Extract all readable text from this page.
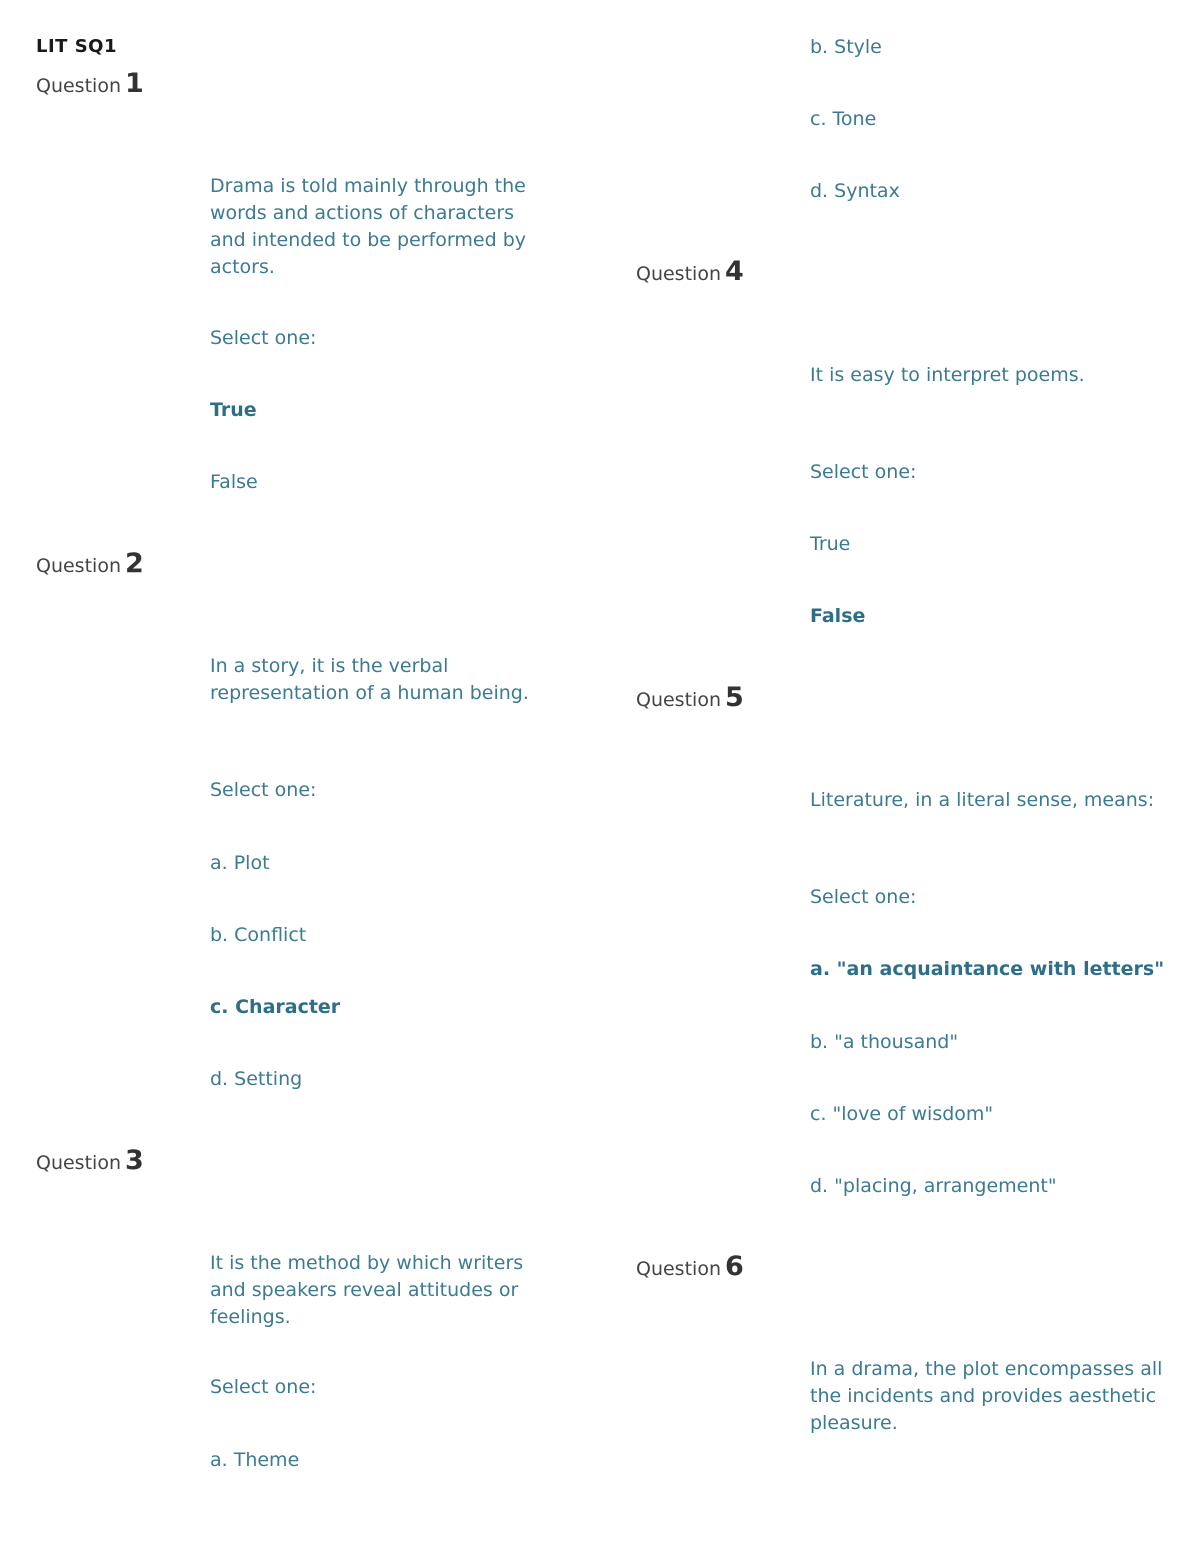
LIT SQ1
Question 1
Drama is told mainly through the words and actions of characters and intended to be performed by actors.
Select one:
True
False
Question 2
In a story, it is the verbal representation of a human being.
Select one:
a. Plot
b. Conflict
c. Character
d. Setting
Question 3
It is the method by which writers and speakers reveal attitudes or feelings.
Select one:
a. Theme
b. Style
c. Tone
d. Syntax
Question 4
It is easy to interpret poems.
Select one:
True
False
Question 5
Literature, in a literal sense, means:
Select one:
a. "an acquaintance with letters"
b. "a thousand"
c. "love of wisdom"
d. "placing, arrangement"
Question 6
In a drama, the plot encompasses all the incidents and provides aesthetic pleasure.
